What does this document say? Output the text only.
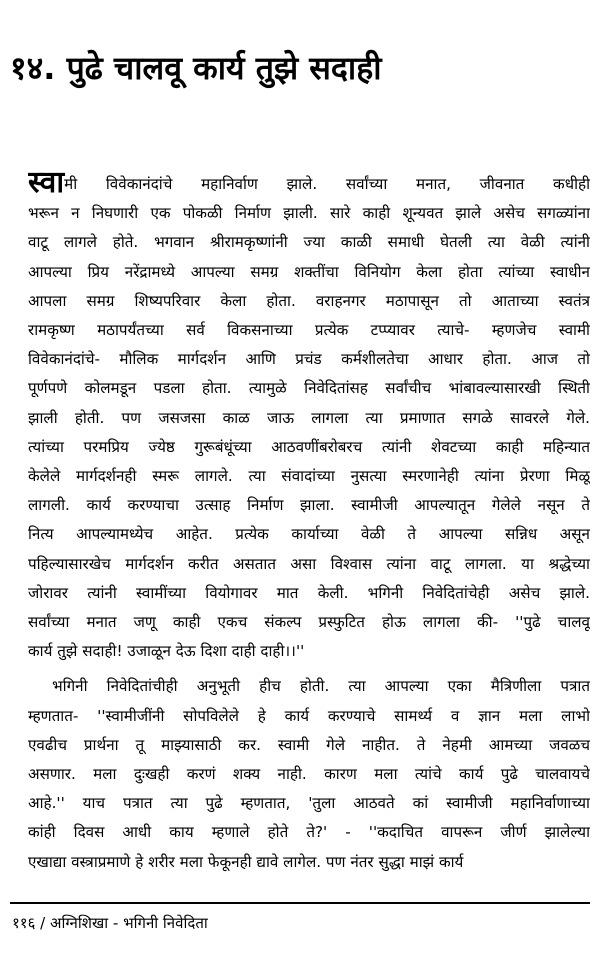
१४. पुढे चालवू कार्य तुझे सदाही
स्वामी विवेकानंदांचे महानिर्वाण झाले. सर्वांच्या मनात, जीवनात कधीही
भरून न निघणारी एक पोकळी निर्माण झाली. सारे काही शून्यवत झाले असेच सगळ्यांना
वाटू लागले होते. भगवान श्रीरामकृष्णांनी ज्या काळी समाधी घेतली त्या वेळी त्यांनी
आपल्या प्रिय नरेंद्रामध्ये आपल्या समग्र शक्तींचा विनियोग केला होता त्यांच्या स्वाधीन
आपला समग्र शिष्यपरिवार केला होता. वराहनगर मठापासून तो आताच्या स्वतंत्र
रामकृष्ण मठापर्यंतच्या सर्व विकसनाच्या प्रत्येक टप्प्यावर त्याचे- म्हणजेच स्वामी
विवेकानंदांचे- मौलिक मार्गदर्शन आणि प्रचंड कर्मशीलतेचा आधार होता. आज तो
पूर्णपणे कोलमडून पडला होता. त्यामुळे निवेदितांसह सर्वांचीच भांबावल्यासारखी स्थिती
झाली होती. पण जसजसा काळ जाऊ लागला त्या प्रमाणात सगळे सावरले गेले.
त्यांच्या परमप्रिय ज्येष्ठ गुरूबंधूंच्या आठवणींबरोबरच त्यांनी शेवटच्या काही महिन्यात
केलेले मार्गदर्शनही स्मरू लागले. त्या संवादांच्या नुसत्या स्मरणानेही त्यांना प्रेरणा मिळू
लागली. कार्य करण्याचा उत्साह निर्माण झाला. स्वामीजी आपल्यातून गेलेले नसून ते
नित्य आपल्यामध्येच आहेत. प्रत्येक कार्याच्या वेळी ते आपल्या सन्निध असून
पहिल्यासारखेच मार्गदर्शन करीत असतात असा विश्वास त्यांना वाटू लागला. या श्रद्धेच्या
जोरावर त्यांनी स्वामींच्या वियोगावर मात केली. भगिनी निवेदितांचेही असेच झाले.
सर्वांच्या मनात जणू काही एकच संकल्प प्रस्फुटित होऊ लागला की- ''पुढे चालवू
कार्य तुझे सदाही! उजाळून देऊ दिशा दाही दाही।।''
भगिनी निवेदितांचीही अनुभूती हीच होती. त्या आपल्या एका मैत्रिणीला पत्रात
म्हणतात- ''स्वामीजींनी सोपविलेले हे कार्य करण्याचे सामर्थ्य व ज्ञान मला लाभो
एवढीच प्रार्थना तू माझ्यासाठी कर. स्वामी गेले नाहीत. ते नेहमी आमच्या जवळच
असणार. मला दुःखही करणं शक्य नाही. कारण मला त्यांचे कार्य पुढे चालवायचे
आहे.'' याच पत्रात त्या पुढे म्हणतात, 'तुला आठवते कां स्वामीजी महानिर्वाणाच्या
कांही दिवस आधी काय म्हणाले होते ते?' - ''कदाचित वापरून जीर्ण झालेल्या
एखाद्या वस्त्राप्रमाणे हे शरीर मला फेकूनही द्यावे लागेल. पण नंतर सुद्धा माझं कार्य
११६ / अग्निशिखा - भगिनी निवेदिता
